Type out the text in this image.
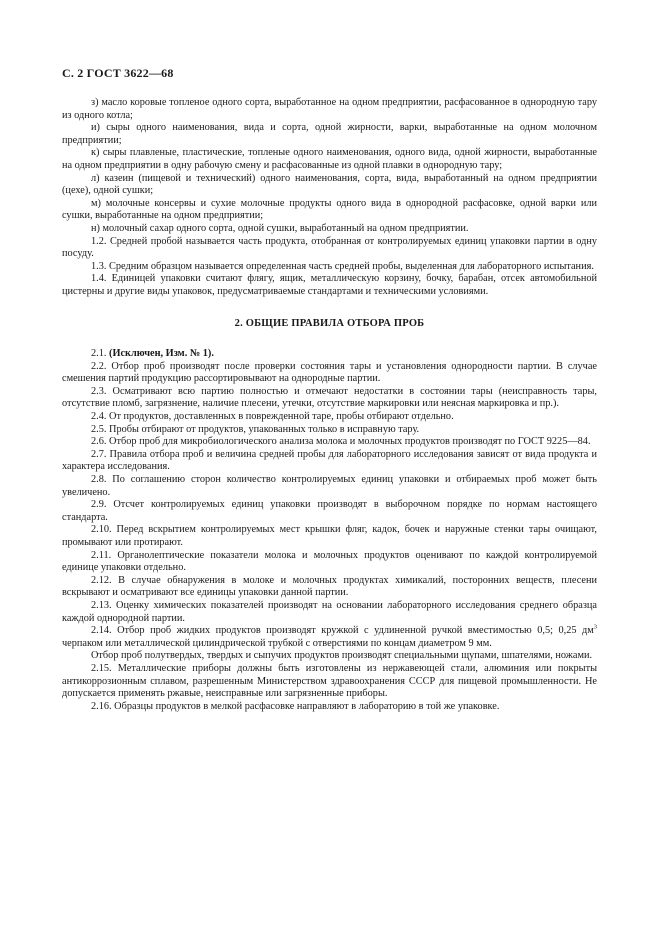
С. 2 ГОСТ 3622—68

з) масло коровые топленое одного сорта, выработанное на одном предприятии, расфасованное в однородную тару из одного котла;

и) сыры одного наименования, вида и сорта, одной жирности, варки, выработанные на одном молочном предприятии;

к) сыры плавленые, пластические, топленые одного наименования, одного вида, одной жирности, выработанные на одном предприятии в одну рабочую смену и расфасованные из одной плавки в однородную тару;

л) казеин (пищевой и технический) одного наименования, сорта, вида, выработанный на одном предприятии (цехе), одной сушки;

м) молочные консервы и сухие молочные продукты одного вида в однородной расфасовке, одной варки или сушки, выработанные на одном предприятии;

н) молочный сахар одного сорта, одной сушки, выработанный на одном предприятии.

1.2. Средней пробой называется часть продукта, отобранная от контролируемых единиц упаковки партии в одну посуду.

1.3. Средним образцом называется определенная часть средней пробы, выделенная для лабораторного испытания.

1.4. Единицей упаковки считают флягу, ящик, металлическую корзину, бочку, барабан, отсек автомобильной цистерны и другие виды упаковок, предусматриваемые стандартами и техническими условиями.

2. ОБЩИЕ ПРАВИЛА ОТБОРА ПРОБ

2.1. (Исключен, Изм. № 1).

2.2. Отбор проб производят после проверки состояния тары и установления однородности партии. В случае смешения партий продукцию рассортировывают на однородные партии.

2.3. Осматривают всю партию полностью и отмечают недостатки в состоянии тары (неисправность тары, отсутствие пломб, загрязнение, наличие плесени, утечки, отсутствие маркировки или неясная маркировка и пр.).

2.4. От продуктов, доставленных в поврежденной таре, пробы отбирают отдельно.

2.5. Пробы отбирают от продуктов, упакованных только в исправную тару.

2.6. Отбор проб для микробиологического анализа молока и молочных продуктов производят по ГОСТ 9225—84.

2.7. Правила отбора проб и величина средней пробы для лабораторного исследования зависят от вида продукта и характера исследования.

2.8. По соглашению сторон количество контролируемых единиц упаковки и отбираемых проб может быть увеличено.

2.9. Отсчет контролируемых единиц упаковки производят в выборочном порядке по нормам настоящего стандарта.

2.10. Перед вскрытием контролируемых мест крышки фляг, кадок, бочек и наружные стенки тары очищают, промывают или протирают.

2.11. Органолептические показатели молока и молочных продуктов оценивают по каждой контролируемой единице упаковки отдельно.

2.12. В случае обнаружения в молоке и молочных продуктах химикалий, посторонних веществ, плесени вскрывают и осматривают все единицы упаковки данной партии.

2.13. Оценку химических показателей производят на основании лабораторного исследования среднего образца каждой однородной партии.

2.14. Отбор проб жидких продуктов производят кружкой с удлиненной ручкой вместимостью 0,5; 0,25 $дм^3$ черпаком или металлической цилиндрической трубкой с отверстиями по концам диаметром 9 мм.

Отбор проб полутвердых, твердых и сыпучих продуктов производят специальными щупами, шпателями, ножами.

2.15. Металлические приборы должны быть изготовлены из нержавеющей стали, алюминия или покрыты антикоррозионным сплавом, разрешенным Министерством здравоохранения СССР для пищевой промышленности. Не допускается применять ржавые, неисправные или загрязненные приборы.

2.16. Образцы продуктов в мелкой расфасовке направляют в лабораторию в той же упаковке.
